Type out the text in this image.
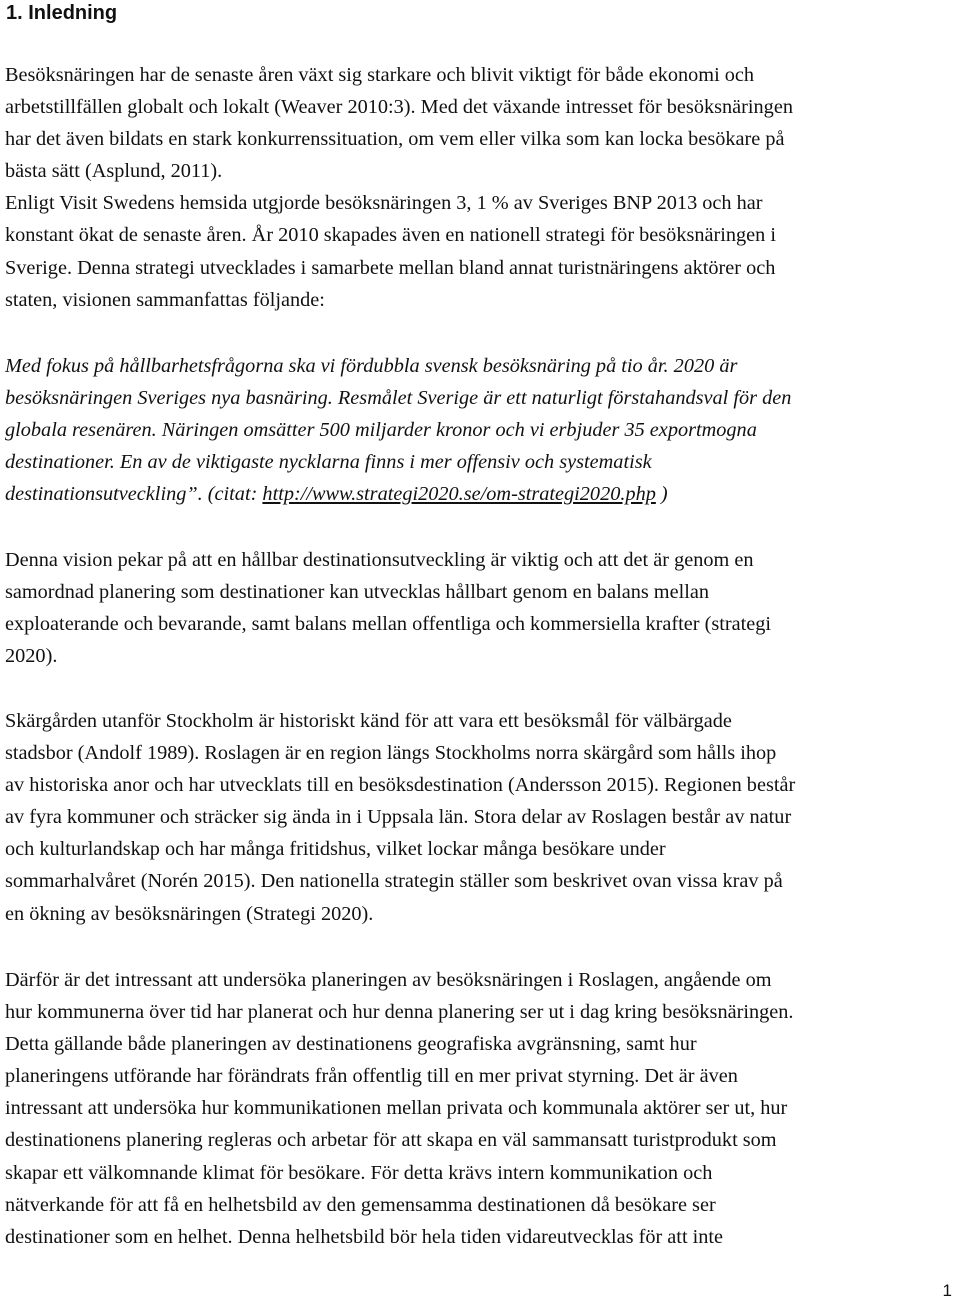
1. Inledning
Besöksnäringen har de senaste åren växt sig starkare och blivit viktigt för både ekonomi och
arbetstillfällen globalt och lokalt (Weaver 2010:3). Med det växande intresset för besöksnäringen
har det även bildats en stark konkurrenssituation, om vem eller vilka som kan locka besökare på
bästa sätt (Asplund, 2011).
Enligt Visit Swedens hemsida utgjorde besöksnäringen 3, 1 % av Sveriges BNP 2013 och har
konstant ökat de senaste åren. År 2010 skapades även en nationell strategi för besöksnäringen i
Sverige. Denna strategi utvecklades i samarbete mellan bland annat turistnäringens aktörer och
staten, visionen sammanfattas följande:
Med fokus på hållbarhetsfrågorna ska vi fördubbla svensk besöksnäring på tio år. 2020 är
besöksnäringen Sveriges nya basnäring. Resmålet Sverige är ett naturligt förstahandsval för den
globala resenären. Näringen omsätter 500 miljarder kronor och vi erbjuder 35 exportmogna
destinationer. En av de viktigaste nycklarna finns i mer offensiv och systematisk
destinationsutveckling”. (citat: http://www.strategi2020.se/om-strategi2020.php )
Denna vision pekar på att en hållbar destinationsutveckling är viktig och att det är genom en
samordnad planering som destinationer kan utvecklas hållbart genom en balans mellan
exploaterande och bevarande, samt balans mellan offentliga och kommersiella krafter (strategi
2020).
Skärgården utanför Stockholm är historiskt känd för att vara ett besöksmål för välbärgade
stadsbor (Andolf 1989). Roslagen är en region längs Stockholms norra skärgård som hålls ihop
av historiska anor och har utvecklats till en besöksdestination (Andersson 2015). Regionen består
av fyra kommuner och sträcker sig ända in i Uppsala län. Stora delar av Roslagen består av natur
och kulturlandskap och har många fritidshus, vilket lockar många besökare under
sommarhalvåret (Norén 2015). Den nationella strategin ställer som beskrivet ovan vissa krav på
en ökning av besöksnäringen (Strategi 2020).
Därför är det intressant att undersöka planeringen av besöksnäringen i Roslagen, angående om
hur kommunerna över tid har planerat och hur denna planering ser ut i dag kring besöksnäringen.
Detta gällande både planeringen av destinationens geografiska avgränsning, samt hur
planeringens utförande har förändrats från offentlig till en mer privat styrning. Det är även
intressant att undersöka hur kommunikationen mellan privata och kommunala aktörer ser ut, hur
destinationens planering regleras och arbetar för att skapa en väl sammansatt turistprodukt som
skapar ett välkomnande klimat för besökare. För detta krävs intern kommunikation och
nätverkande för att få en helhetsbild av den gemensamma destinationen då besökare ser
destinationer som en helhet. Denna helhetsbild bör hela tiden vidareutvecklas för att inte
1
